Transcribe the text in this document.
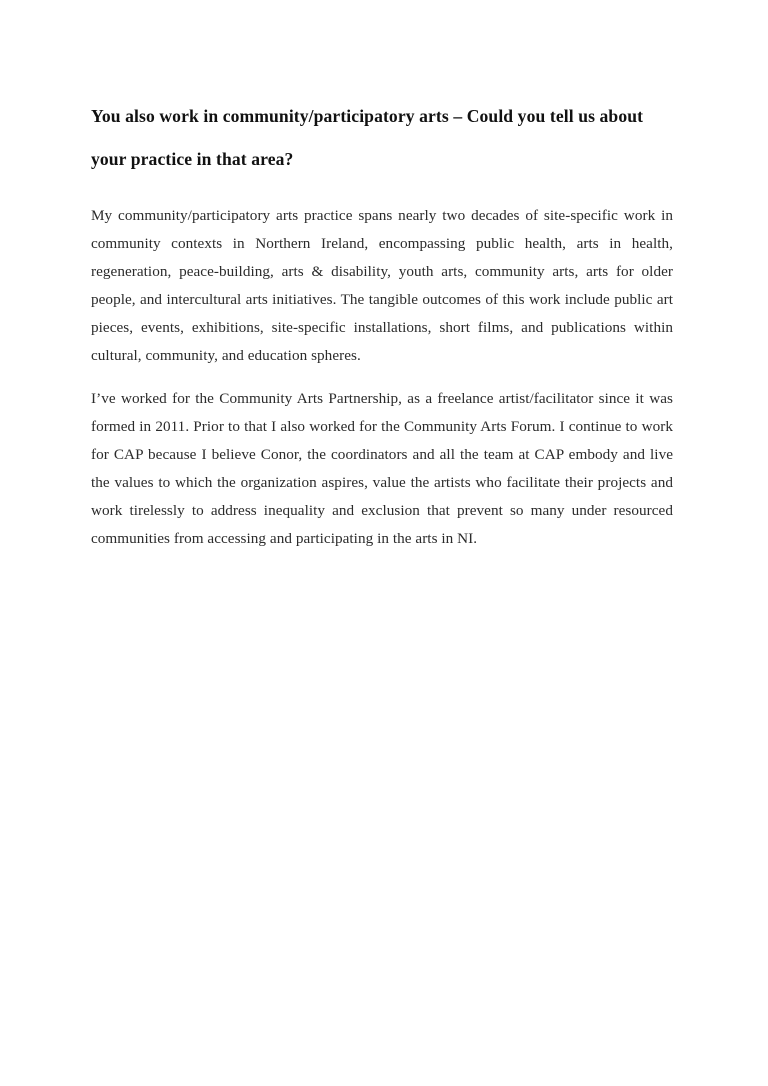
You also work in community/participatory arts – Could you tell us about your practice in that area?

My community/participatory arts practice spans nearly two decades of site-specific work in community contexts in Northern Ireland, encompassing public health, arts in health, regeneration, peace-building, arts & disability, youth arts, community arts, arts for older people, and intercultural arts initiatives. The tangible outcomes of this work include public art pieces, events, exhibitions, site-specific installations, short films, and publications within cultural, community, and education spheres.

I’ve worked for the Community Arts Partnership, as a freelance artist/facilitator since it was formed in 2011. Prior to that I also worked for the Community Arts Forum. I continue to work for CAP because I believe Conor, the coordinators and all the team at CAP embody and live the values to which the organization aspires, value the artists who facilitate their projects and work tirelessly to address inequality and exclusion that prevent so many under resourced communities from accessing and participating in the arts in NI.
